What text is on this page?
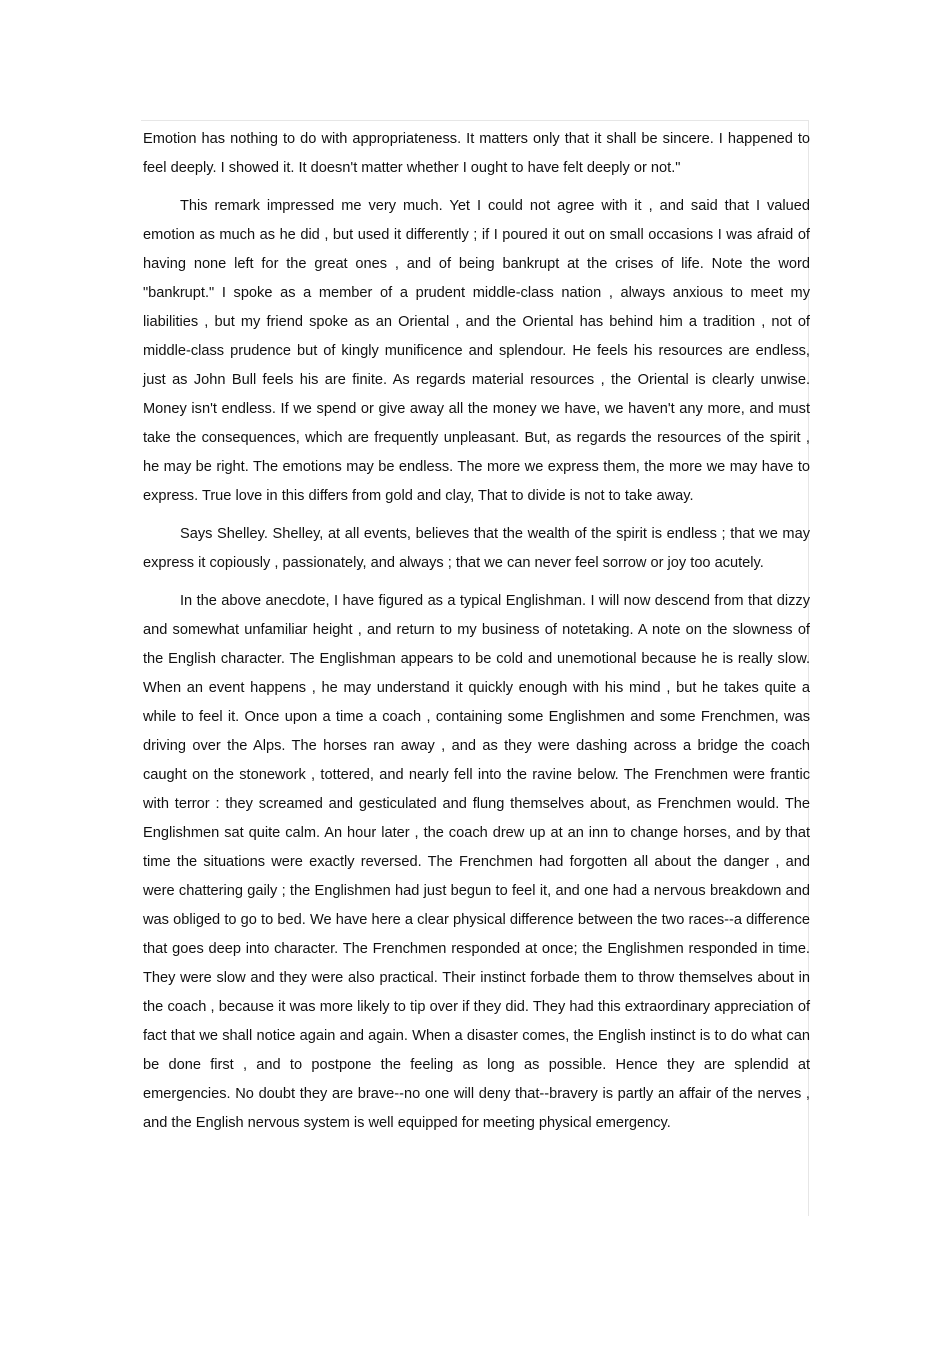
Emotion has nothing to do with appropriateness. It matters only that it shall be sincere. I happened to feel deeply. I showed it. It doesn't matter whether I ought to have felt deeply or not."

This remark impressed me very much. Yet I could not agree with it , and said that I valued emotion as much as he did , but used it differently ; if I poured it out on small occasions I was afraid of having none left for the great ones , and of being bankrupt at the crises of life. Note the word "bankrupt." I spoke as a member of a prudent middle-class nation , always anxious to meet my liabilities , but my friend spoke as an Oriental , and the Oriental has behind him a tradition , not of middle-class prudence but of kingly munificence and splendour. He feels his resources are endless, just as John Bull feels his are finite. As regards material resources , the Oriental is clearly unwise. Money isn't endless. If we spend or give away all the money we have, we haven't any more, and must take the consequences, which are frequently unpleasant. But, as regards the resources of the spirit , he may be right. The emotions may be endless. The more we express them, the more we may have to express. True love in this differs from gold and clay, That to divide is not to take away.

Says Shelley. Shelley, at all events, believes that the wealth of the spirit is endless ; that we may express it copiously , passionately, and always ; that we can never feel sorrow or joy too acutely.

In the above anecdote, I have figured as a typical Englishman. I will now descend from that dizzy and somewhat unfamiliar height , and return to my business of notetaking. A note on the slowness of the English character. The Englishman appears to be cold and unemotional because he is really slow. When an event happens , he may understand it quickly enough with his mind , but he takes quite a while to feel it. Once upon a time a coach , containing some Englishmen and some Frenchmen, was driving over the Alps. The horses ran away , and as they were dashing across a bridge the coach caught on the stonework , tottered, and nearly fell into the ravine below. The Frenchmen were frantic with terror : they screamed and gesticulated and flung themselves about, as Frenchmen would. The Englishmen sat quite calm. An hour later , the coach drew up at an inn to change horses, and by that time the situations were exactly reversed. The Frenchmen had forgotten all about the danger , and were chattering gaily ; the Englishmen had just begun to feel it, and one had a nervous breakdown and was obliged to go to bed. We have here a clear physical difference between the two races--a difference that goes deep into character. The Frenchmen responded at once; the Englishmen responded in time. They were slow and they were also practical. Their instinct forbade them to throw themselves about in the coach , because it was more likely to tip over if they did. They had this extraordinary appreciation of fact that we shall notice again and again. When a disaster comes, the English instinct is to do what can be done first , and to postpone the feeling as long as possible. Hence they are splendid at emergencies. No doubt they are brave--no one will deny that--bravery is partly an affair of the nerves , and the English nervous system is well equipped for meeting physical emergency.
